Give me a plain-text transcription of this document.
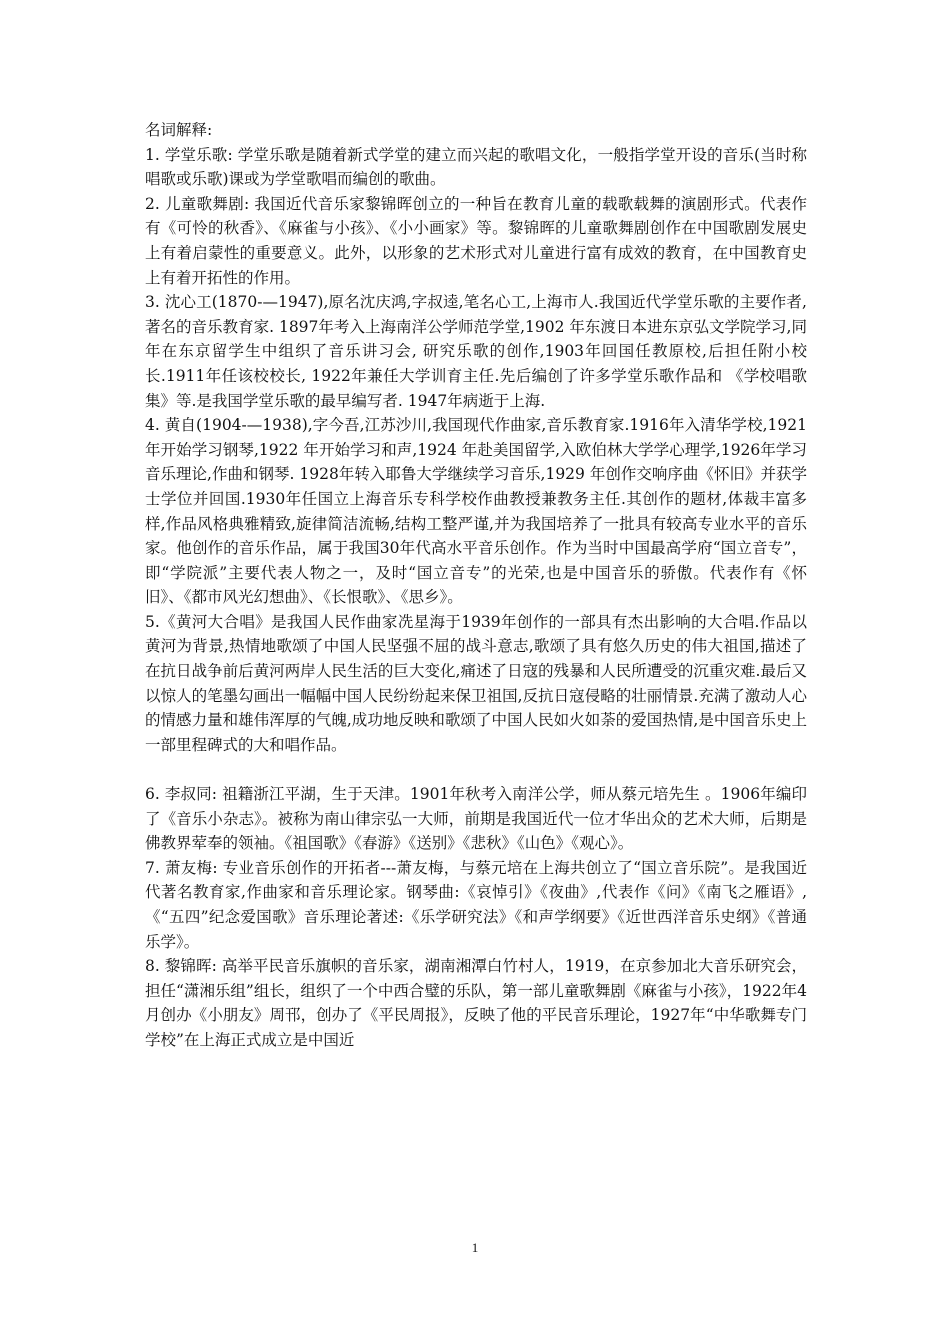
名词解释:

1. 学堂乐歌: 学堂乐歌是随着新式学堂的建立而兴起的歌唱文化，一般指学堂开设的音乐(当时称唱歌或乐歌)课或为学堂歌唱而编创的歌曲。

2. 儿童歌舞剧: 我国近代音乐家黎锦晖创立的一种旨在教育儿童的载歌载舞的演剧形式。代表作有《可怜的秋香》、《麻雀与小孩》、《小小画家》等。黎锦晖的儿童歌舞剧创作在中国歌剧发展史上有着启蒙性的重要意义。此外，以形象的艺术形式对儿童进行富有成效的教育，在中国教育史上有着开拓性的作用。

3. 沈心工(1870-—1947),原名沈庆鸿,字叔逵,笔名心工,上海市人.我国近代学堂乐歌的主要作者,著名的音乐教育家. 1897年考入上海南洋公学师范学堂,1902 年东渡日本进东京弘文学院学习,同年在东京留学生中组织了音乐讲习会, 研究乐歌的创作,1903年回国任教原校,后担任附小校长.1911年任该校校长, 1922年兼任大学训育主任.先后编创了许多学堂乐歌作品和 《学校唱歌集》等.是我国学堂乐歌的最早编写者. 1947年病逝于上海.

4. 黄自(1904-—1938),字今吾,江苏沙川,我国现代作曲家,音乐教育家.1916年入清华学校,1921年开始学习钢琴,1922 年开始学习和声,1924 年赴美国留学,入欧伯林大学学心理学,1926年学习音乐理论,作曲和钢琴. 1928年转入耶鲁大学继续学习音乐,1929 年创作交响序曲《怀旧》并获学士学位并回国.1930年任国立上海音乐专科学校作曲教授兼教务主任.其创作的题材,体裁丰富多样,作品风格典雅精致,旋律简洁流畅,结构工整严谨,并为我国培养了一批具有较高专业水平的音乐家。他创作的音乐作品，属于我国30年代高水平音乐创作。作为当时中国最高学府“国立音专”，即“学院派”主要代表人物之一，及时“国立音专”的光荣,也是中国音乐的骄傲。代表作有《怀旧》、《都市风光幻想曲》、《长恨歌》、《思乡》。

5.《黄河大合唱》是我国人民作曲家冼星海于1939年创作的一部具有杰出影响的大合唱.作品以黄河为背景,热情地歌颂了中国人民坚强不屈的战斗意志,歌颂了具有悠久历史的伟大祖国,描述了在抗日战争前后黄河两岸人民生活的巨大变化,痛述了日寇的残暴和人民所遭受的沉重灾难.最后又以惊人的笔墨勾画出一幅幅中国人民纷纷起来保卫祖国,反抗日寇侵略的壮丽情景.充满了激动人心的情感力量和雄伟浑厚的气魄,成功地反映和歌颂了中国人民如火如荼的爱国热情,是中国音乐史上一部里程碑式的大和唱作品。

6. 李叔同: 祖籍浙江平湖，生于天津。1901年秋考入南洋公学，师从蔡元培先生 。1906年编印了《音乐小杂志》。被称为南山律宗弘一大师，前期是我国近代一位才华出众的艺术大师，后期是佛教界荤奉的领袖。《祖国歌》《春游》《送别》《悲秋》《山色》《观心》。

7. 萧友梅: 专业音乐创作的开拓者---萧友梅，与蔡元培在上海共创立了“国立音乐院”。是我国近代著名教育家,作曲家和音乐理论家。钢琴曲:《哀悼引》《夜曲》,代表作《问》《南飞之雁语》,《“五四”纪念爱国歌》音乐理论著述:《乐学研究法》《和声学纲要》《近世西洋音乐史纲》《普通乐学》。

8. 黎锦晖: 高举平民音乐旗帜的音乐家，湖南湘潭白竹村人，1919，在京参加北大音乐研究会，担任“潇湘乐组”组长，组织了一个中西合璧的乐队，第一部儿童歌舞剧《麻雀与小孩》，1922年4月创办《小朋友》周邗，创办了《平民周报》，反映了他的平民音乐理论，1927年“中华歌舞专门学校”在上海正式成立是中国近

1
